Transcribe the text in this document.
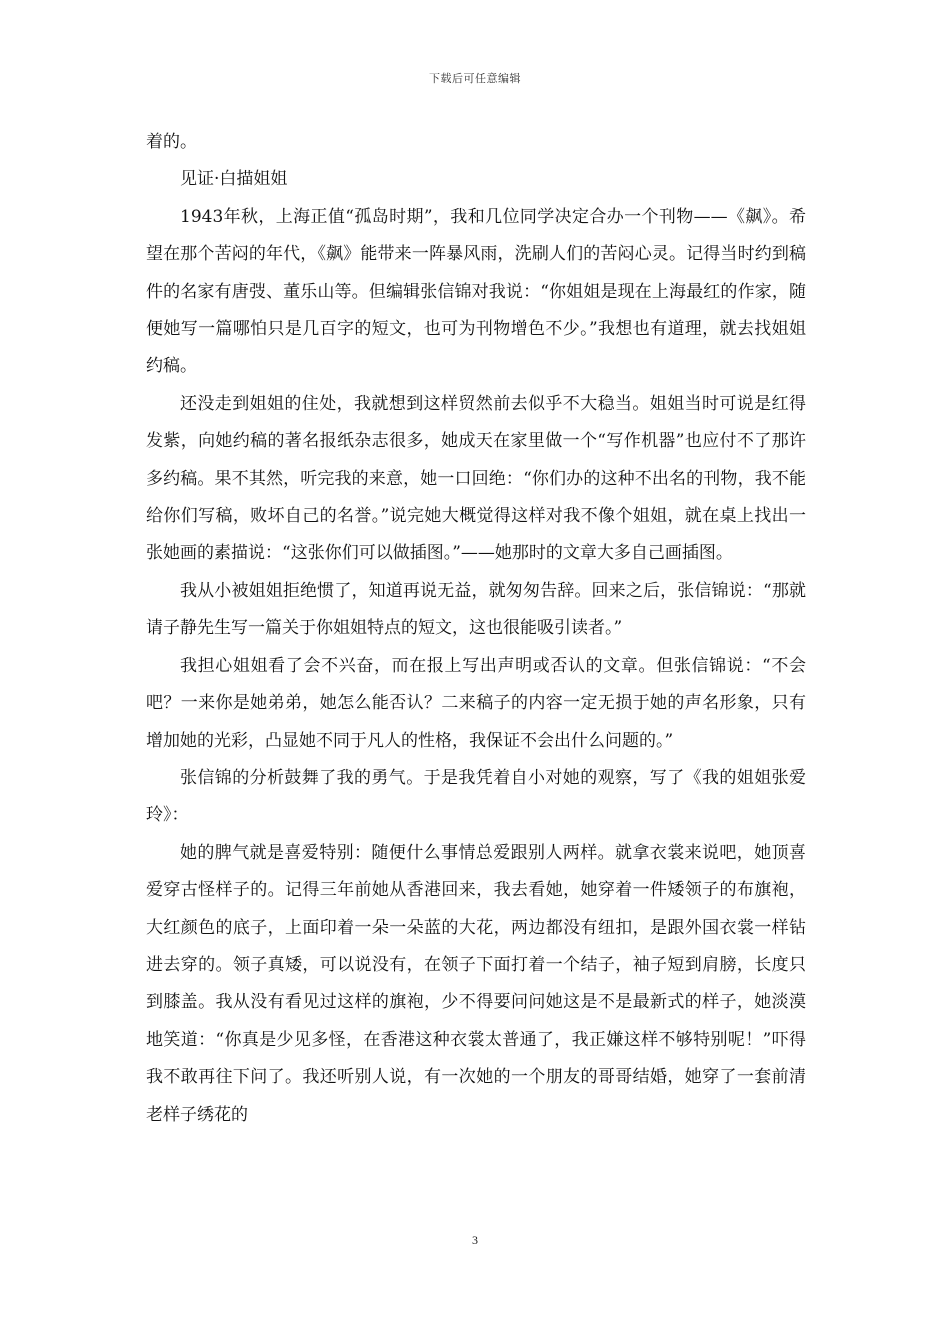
下载后可任意编辑

着的。

见证·白描姐姐

1943年秋，上海正值“孤岛时期”，我和几位同学决定合办一个刊物——《飙》。希望在那个苦闷的年代，《飙》能带来一阵暴风雨，洗刷人们的苦闷心灵。记得当时约到稿件的名家有唐弢、董乐山等。但编辑张信锦对我说：“你姐姐是现在上海最红的作家，随便她写一篇哪怕只是几百字的短文，也可为刊物增色不少。”我想也有道理，就去找姐姐约稿。

还没走到姐姐的住处，我就想到这样贸然前去似乎不大稳当。姐姐当时可说是红得发紫，向她约稿的著名报纸杂志很多，她成天在家里做一个“写作机器”也应付不了那许多约稿。果不其然，听完我的来意，她一口回绝：“你们办的这种不出名的刊物，我不能给你们写稿，败坏自己的名誉。”说完她大概觉得这样对我不像个姐姐，就在桌上找出一张她画的素描说：“这张你们可以做插图。”——她那时的文章大多自己画插图。

我从小被姐姐拒绝惯了，知道再说无益，就匆匆告辞。回来之后，张信锦说：“那就请子静先生写一篇关于你姐姐特点的短文，这也很能吸引读者。”

我担心姐姐看了会不兴奋，而在报上写出声明或否认的文章。但张信锦说：“不会吧？一来你是她弟弟，她怎么能否认？二来稿子的内容一定无损于她的声名形象，只有增加她的光彩，凸显她不同于凡人的性格，我保证不会出什么问题的。”

张信锦的分析鼓舞了我的勇气。于是我凭着自小对她的观察，写了《我的姐姐张爱玲》：

她的脾气就是喜爱特别：随便什么事情总爱跟别人两样。就拿衣裳来说吧，她顶喜爱穿古怪样子的。记得三年前她从香港回来，我去看她，她穿着一件矮领子的布旗袍，大红颜色的底子，上面印着一朵一朵蓝的大花，两边都没有纽扣，是跟外国衣裳一样钻进去穿的。领子真矮，可以说没有，在领子下面打着一个结子，袖子短到肩膀，长度只到膝盖。我从没有看见过这样的旗袍，少不得要问问她这是不是最新式的样子，她淡漠地笑道：“你真是少见多怪，在香港这种衣裳太普通了，我正嫌这样不够特别呢！”吓得我不敢再往下问了。我还听别人说，有一次她的一个朋友的哥哥结婚，她穿了一套前清老样子绣花的

3
